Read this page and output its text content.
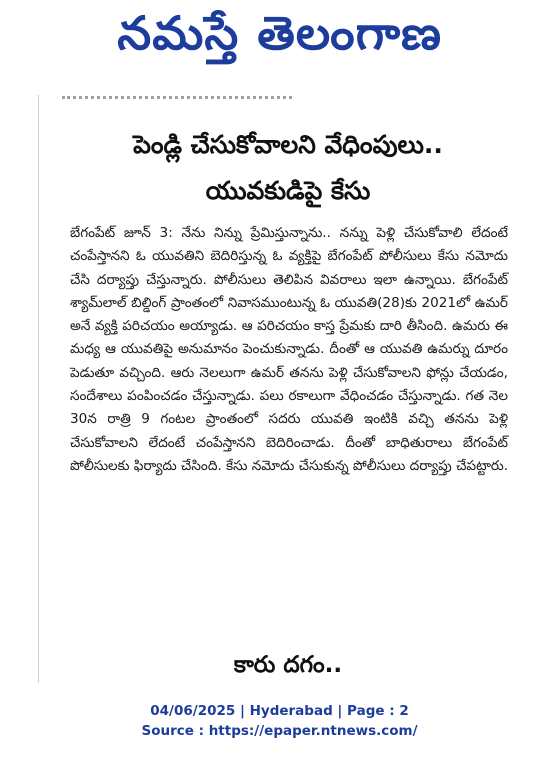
నమస్తే తెలంగాణ
పెండ్లి చేసుకోవాలని వేధింపులు..
యువకుడిపై కేసు
బేగంపేట్ జూన్ 3: నేను నిన్ను ప్రేమిస్తున్నాను.. నన్ను పెళ్లి చేసుకోవాలి లేదంటే చంపేస్తానని ఓ యువతిని బెదిరిస్తున్న ఓ వ్యక్తిపై బేగంపేట్ పోలీసులు కేసు నమోదు చేసి దర్యాప్తు చేస్తున్నారు. పోలీసులు తెలిపిన వివరాలు ఇలా ఉన్నాయి. బేగంపేట్ శ్యామ్‌లాల్ బిల్డింగ్ ప్రాంతంలో నివాసముంటున్న ఓ యువతి(28)కు 2021లో ఉమర్ అనే వ్యక్తి పరిచయం అయ్యాడు. ఆ పరిచయం కాస్త ప్రేమకు దారి తీసింది. ఉమరు ఈ మధ్య ఆ యువతిపై అనుమానం పెంచుకున్నాడు. దీంతో ఆ యువతి ఉమర్ను దూరం పెడుతూ వచ్చింది. ఆరు నెలలుగా ఉమర్ తనను పెళ్లి చేసుకోవాలని ఫోన్లు చేయడం, సందేశాలు పంపించడం చేస్తున్నాడు. పలు రకాలుగా వేధించడం చేస్తున్నాడు. గత నెల 30న రాత్రి 9 గంటల ప్రాంతంలో సదరు యువతి ఇంటికి వచ్చి తనను పెళ్లి చేసుకోవాలని లేదంటే చంపేస్తానని బెదిరించాడు. దీంతో బాధితురాలు బేగంపేట్ పోలీసులకు ఫిర్యాదు చేసింది. కేసు నమోదు చేసుకున్న పోలీసులు దర్యాప్తు చేపట్టారు.
కారు దగం..
04/06/2025 | Hyderabad | Page : 2
Source : https://epaper.ntnews.com/
